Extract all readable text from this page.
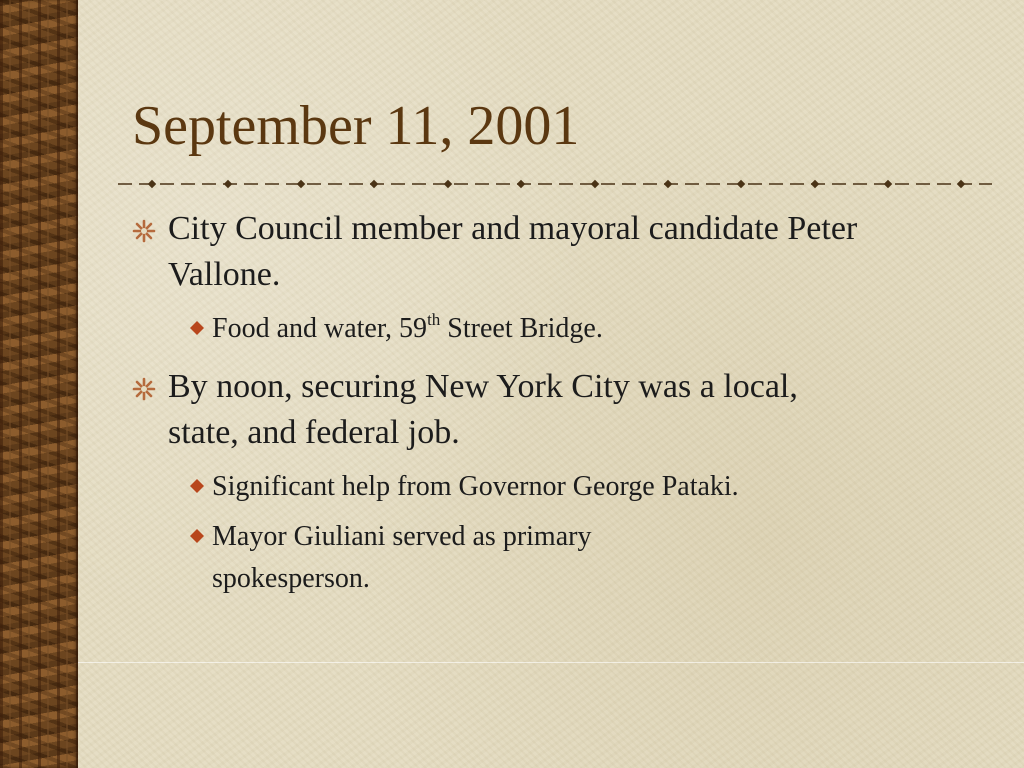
September 11, 2001
City Council member and mayoral candidate Peter Vallone.
Food and water, 59th Street Bridge.
By noon, securing New York City was a local, state, and federal job.
Significant help from Governor George Pataki.
Mayor Giuliani served as primary spokesperson.
